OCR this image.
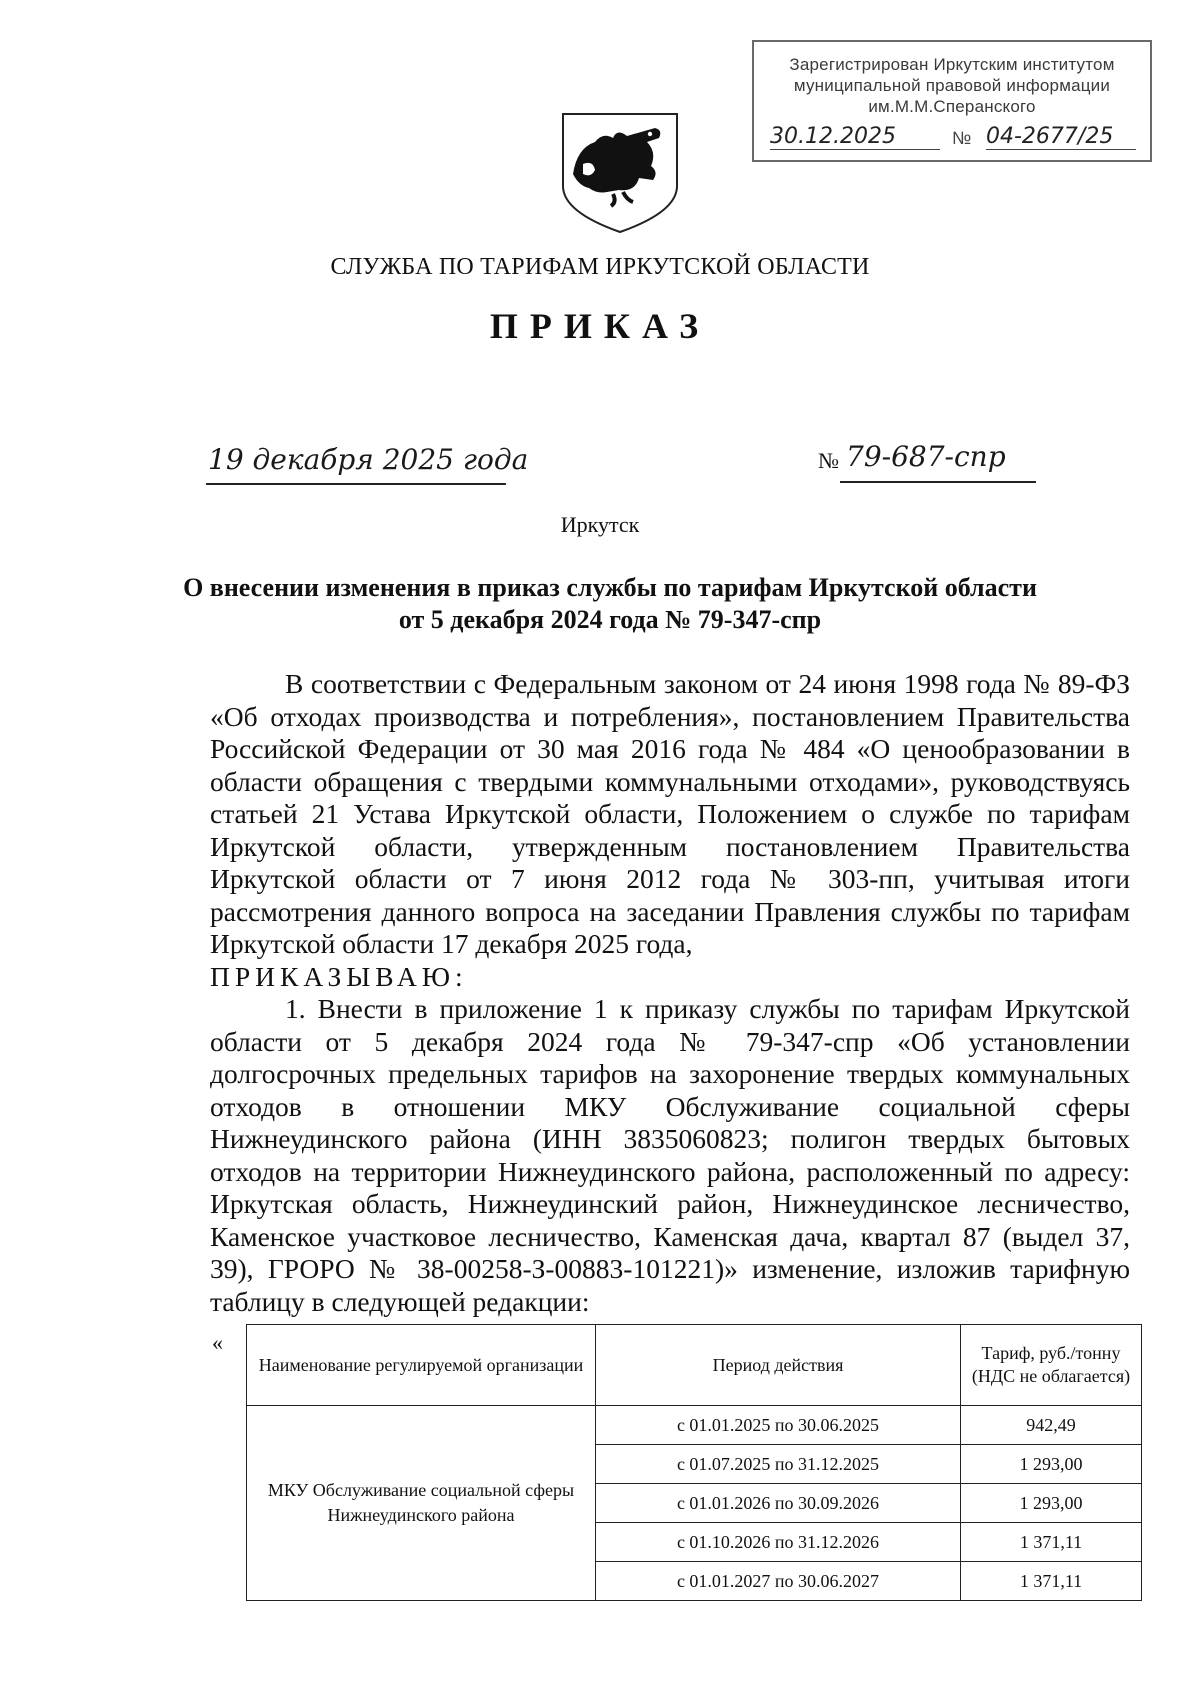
Зарегистрирован Иркутским институтом
муниципальной правовой информации
им.М.М.Сперанского
30.12.2025	№ 04-2677/25
СЛУЖБА ПО ТАРИФАМ ИРКУТСКОЙ ОБЛАСТИ
ПРИКАЗ
19 декабря 2025 года	№ 79-687-спр
Иркутск
О внесении изменения в приказ службы по тарифам Иркутской области
от 5 декабря 2024 года № 79-347-спр

В соответствии с Федеральным законом от 24 июня 1998 года № 89-ФЗ «Об отходах производства и потребления», постановлением Правительства Российской Федерации от 30 мая 2016 года № 484 «О ценообразовании в области обращения с твердыми коммунальными отходами», руководствуясь статьей 21 Устава Иркутской области, Положением о службе по тарифам Иркутской области, утвержденным постановлением Правительства Иркутской области от 7 июня 2012 года № 303-пп, учитывая итоги рассмотрения данного вопроса на заседании Правления службы по тарифам Иркутской области 17 декабря 2025 года,

ПРИКАЗЫВАЮ:

1. Внести в приложение 1 к приказу службы по тарифам Иркутской области от 5 декабря 2024 года № 79-347-спр «Об установлении долгосрочных предельных тарифов на захоронение твердых коммунальных отходов в отношении МКУ Обслуживание социальной сферы Нижнеудинского района (ИНН 3835060823; полигон твердых бытовых отходов на территории Нижнеудинского района, расположенный по адресу: Иркутская область, Нижнеудинский район, Нижнеудинское лесничество, Каменское участковое лесничество, Каменская дача, квартал 87 (выдел 37, 39), ГРОРО № 38-00258-З-00883-101221)» изменение, изложив тарифную таблицу в следующей редакции:

«
Наименование регулируемой организации	Период действия	Тариф, руб./тонну (НДС не облагается)
МКУ Обслуживание социальной сферы Нижнеудинского района	с 01.01.2025 по 30.06.2025	942,49
	с 01.07.2025 по 31.12.2025	1 293,00
	с 01.01.2026 по 30.09.2026	1 293,00
	с 01.10.2026 по 31.12.2026	1 371,11
	с 01.01.2027 по 30.06.2027	1 371,11
